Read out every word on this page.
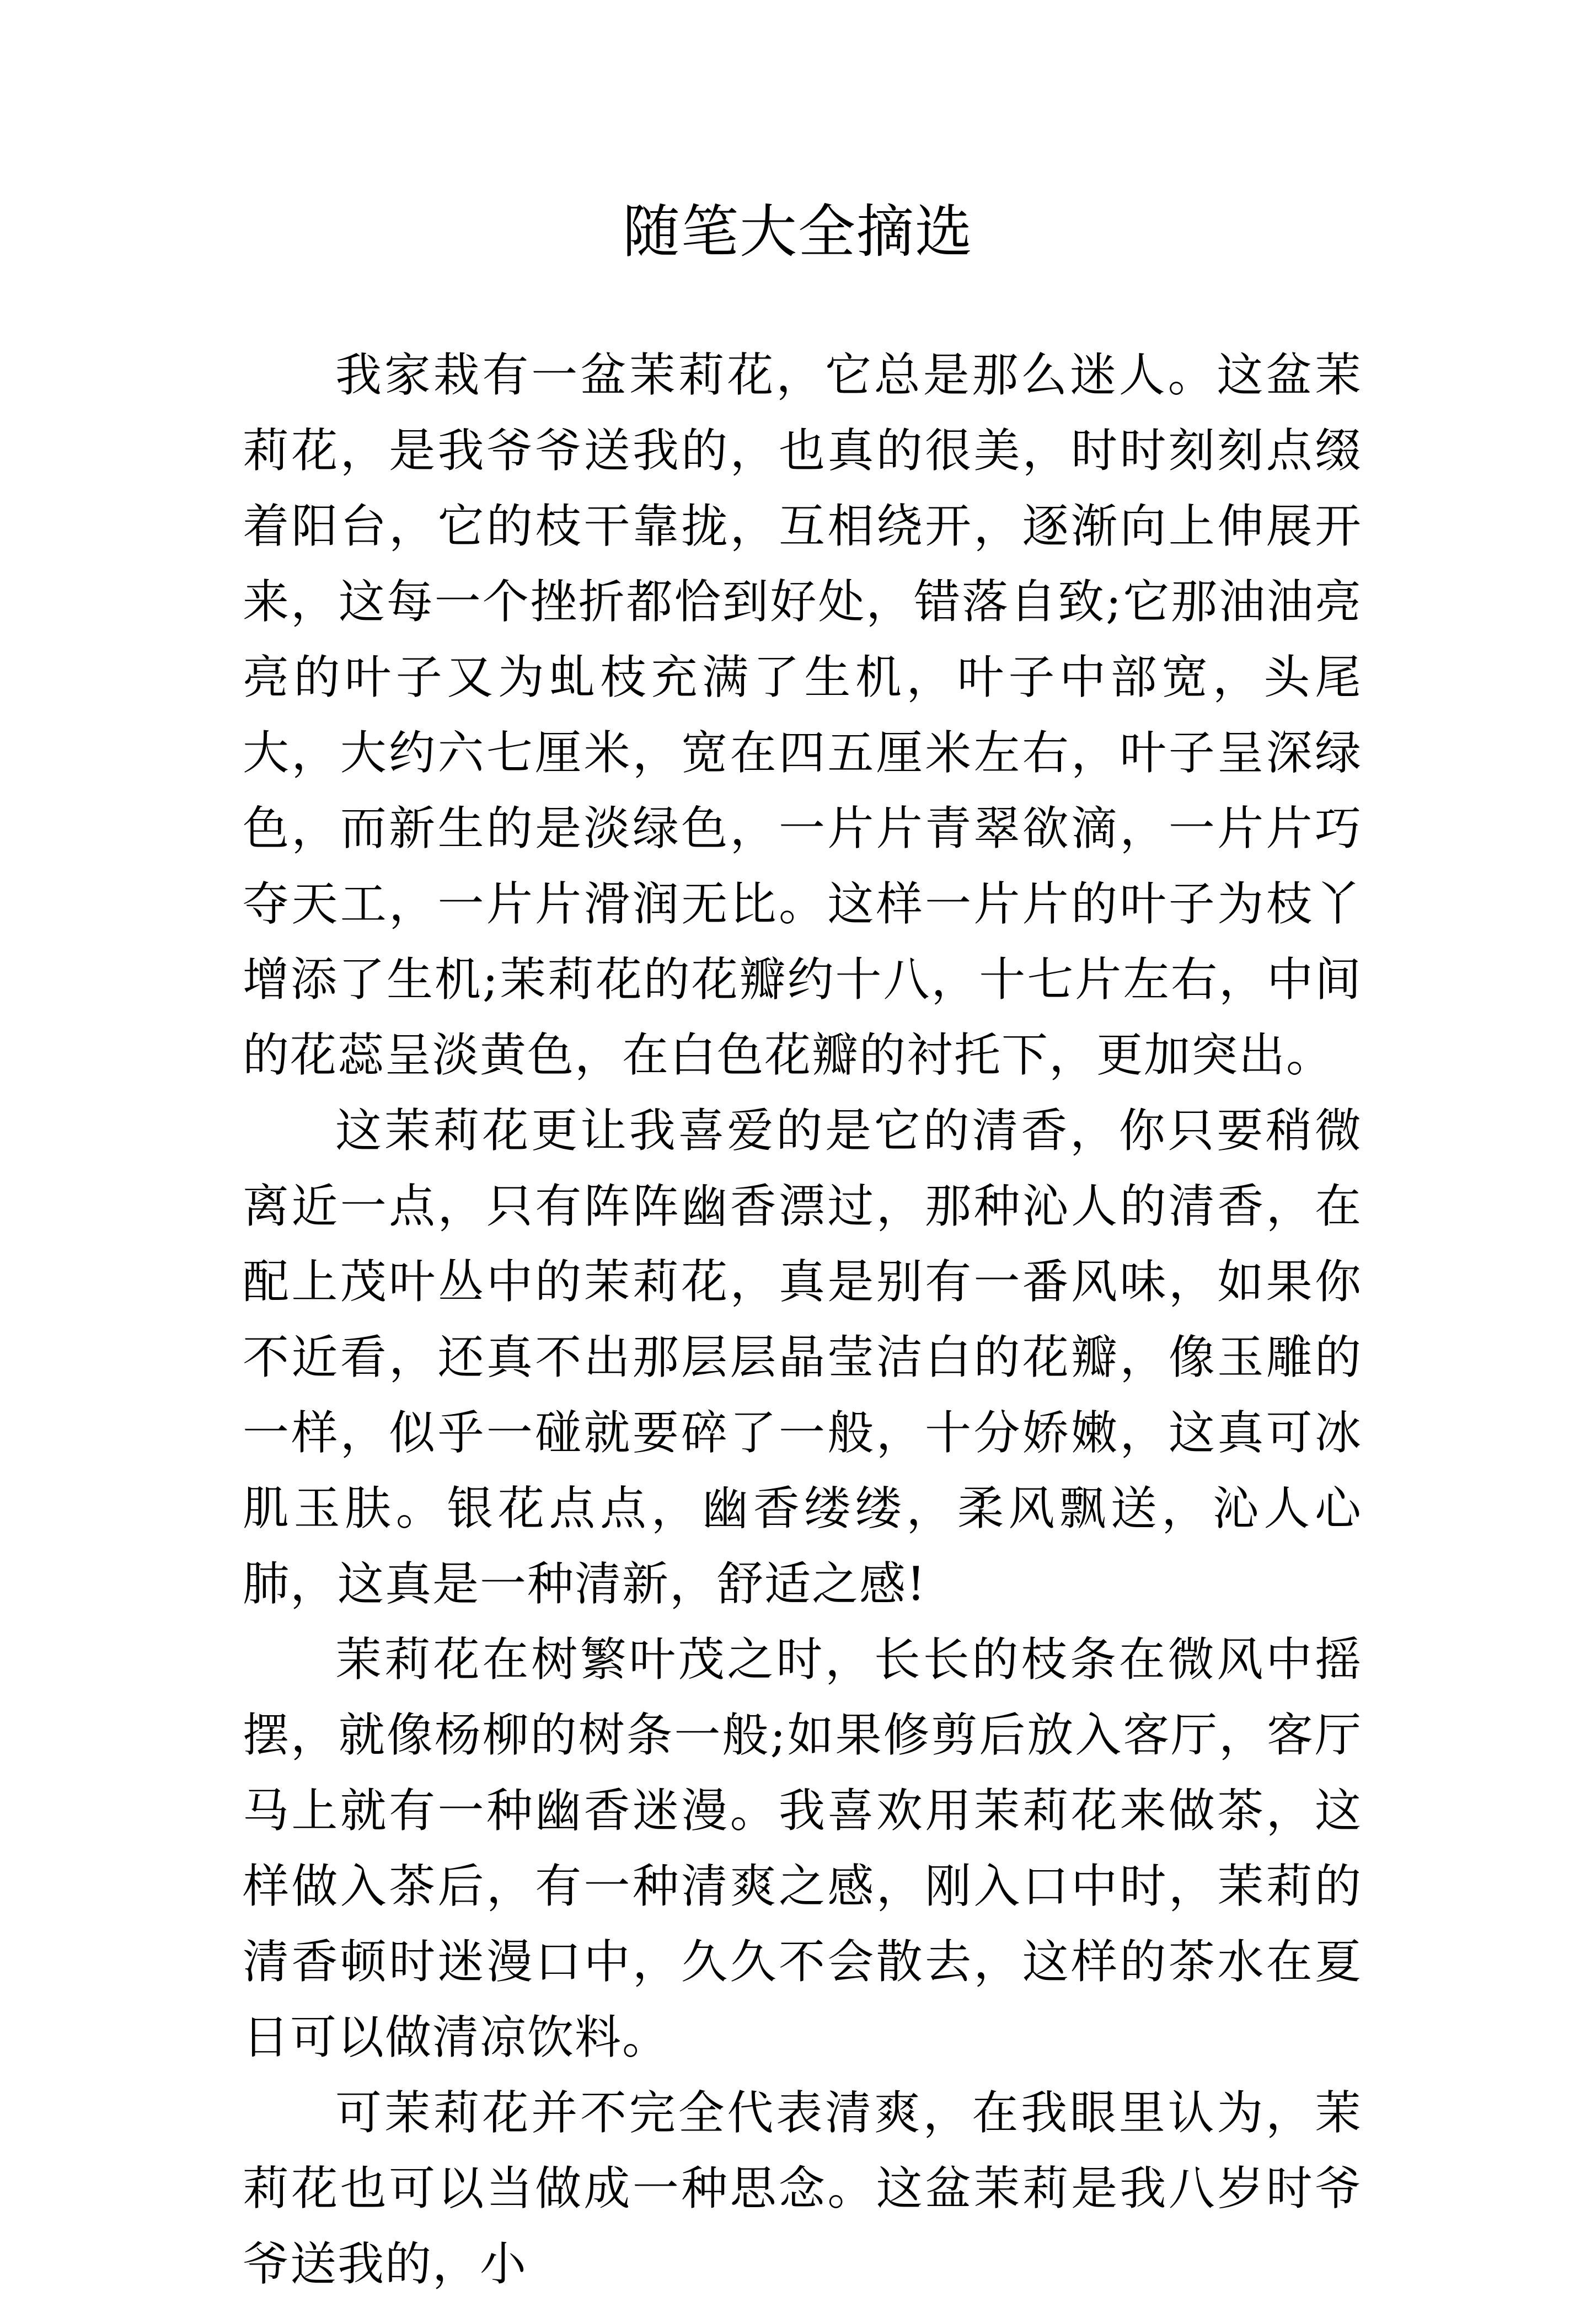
随笔大全摘选

我家栽有一盆茉莉花，它总是那么迷人。这盆茉莉花，是我爷爷送我的，也真的很美，时时刻刻点缀着阳台，它的枝干靠拢，互相绕开，逐渐向上伸展开来，这每一个挫折都恰到好处，错落自致;它那油油亮亮的叶子又为虬枝充满了生机，叶子中部宽，头尾大，大约六七厘米，宽在四五厘米左右，叶子呈深绿色，而新生的是淡绿色，一片片青翠欲滴，一片片巧夺天工，一片片滑润无比。这样一片片的叶子为枝丫增添了生机;茉莉花的花瓣约十八，十七片左右，中间的花蕊呈淡黄色，在白色花瓣的衬托下，更加突出。

这茉莉花更让我喜爱的是它的清香，你只要稍微离近一点，只有阵阵幽香漂过，那种沁人的清香，在配上茂叶丛中的茉莉花，真是别有一番风味，如果你不近看，还真不出那层层晶莹洁白的花瓣，像玉雕的一样，似乎一碰就要碎了一般，十分娇嫩，这真可冰肌玉肤。银花点点，幽香缕缕，柔风飘送，沁人心肺，这真是一种清新，舒适之感!

茉莉花在树繁叶茂之时，长长的枝条在微风中摇摆，就像杨柳的树条一般;如果修剪后放入客厅，客厅马上就有一种幽香迷漫。我喜欢用茉莉花来做茶，这样做入茶后，有一种清爽之感，刚入口中时，茉莉的清香顿时迷漫口中，久久不会散去，这样的茶水在夏日可以做清凉饮料。

可茉莉花并不完全代表清爽，在我眼里认为，茉莉花也可以当做成一种思念。这盆茉莉是我八岁时爷爷送我的，小
